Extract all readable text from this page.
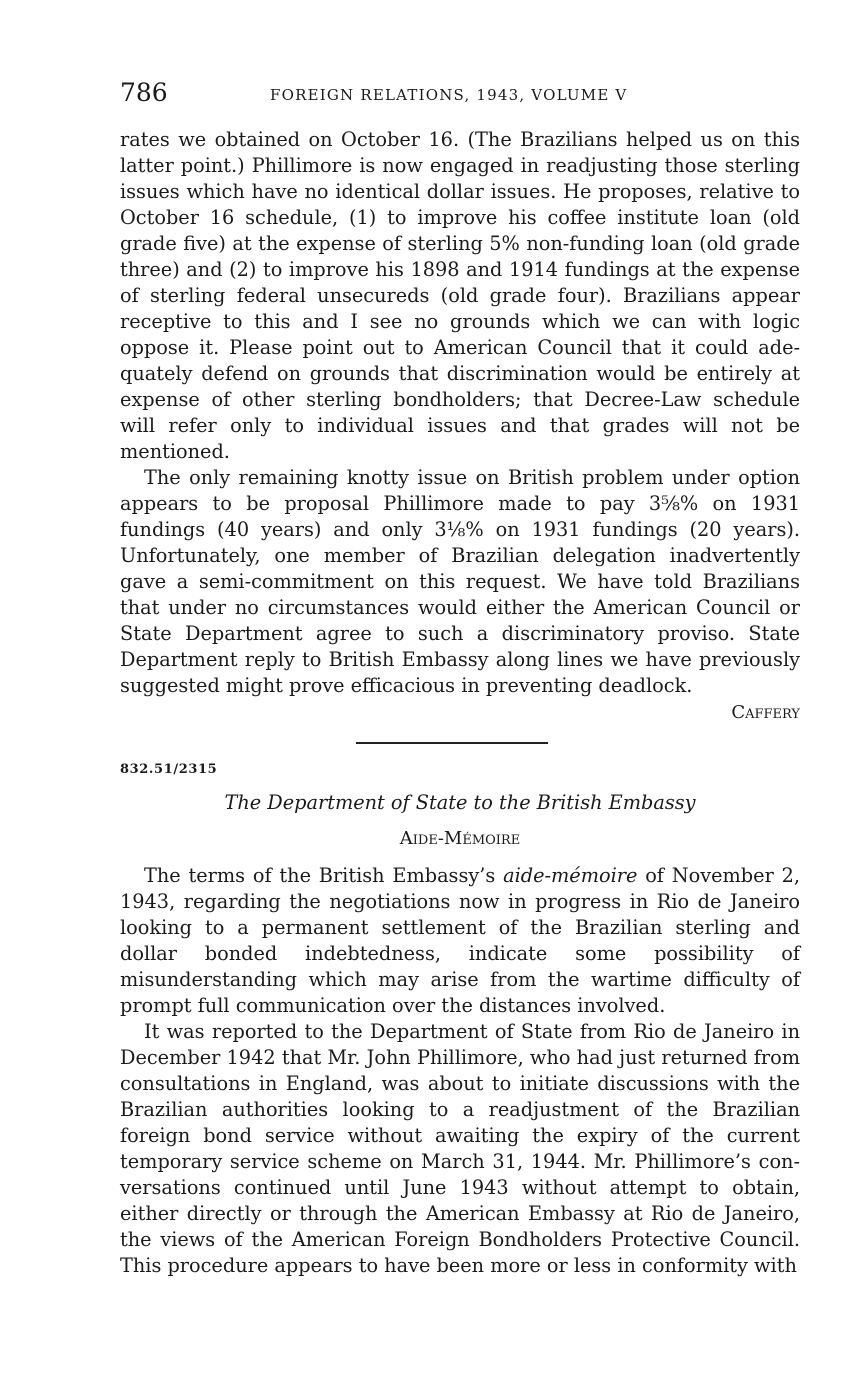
786	FOREIGN RELATIONS, 1943, VOLUME V

rates we obtained on October 16. (The Brazilians helped us on this latter point.) Phillimore is now engaged in readjusting those sterling issues which have no identical dollar issues. He proposes, relative to October 16 schedule, (1) to improve his coffee institute loan (old grade five) at the expense of sterling 5% non-funding loan (old grade three) and (2) to improve his 1898 and 1914 fundings at the expense of sterling federal unsecureds (old grade four). Brazilians appear receptive to this and I see no grounds which we can with logic oppose it. Please point out to American Council that it could adequately defend on grounds that discrimination would be entirely at expense of other sterling bondholders; that Decree-Law schedule will refer only to individual issues and that grades will not be mentioned.

The only remaining knotty issue on British problem under option appears to be proposal Phillimore made to pay 3⅝% on 1931 fundings (40 years) and only 3⅛% on 1931 fundings (20 years). Unfortunately, one member of Brazilian delegation inadvertently gave a semi-commitment on this request. We have told Brazilians that under no circumstances would either the American Council or State Department agree to such a discriminatory proviso. State Department reply to British Embassy along lines we have previously suggested might prove efficacious in preventing deadlock.

Caffery
832.51/2315
The Department of State to the British Embassy
Aide-Mémoire

The terms of the British Embassy’s aide-mémoire of November 2, 1943, regarding the negotiations now in progress in Rio de Janeiro looking to a permanent settlement of the Brazilian sterling and dollar bonded indebtedness, indicate some possibility of misunderstanding which may arise from the wartime difficulty of prompt full communication over the distances involved.

It was reported to the Department of State from Rio de Janeiro in December 1942 that Mr. John Phillimore, who had just returned from consultations in England, was about to initiate discussions with the Brazilian authorities looking to a readjustment of the Brazilian foreign bond service without awaiting the expiry of the current temporary service scheme on March 31, 1944. Mr. Phillimore’s conversations continued until June 1943 without attempt to obtain, either directly or through the American Embassy at Rio de Janeiro, the views of the American Foreign Bondholders Protective Council. This procedure appears to have been more or less in conformity with
